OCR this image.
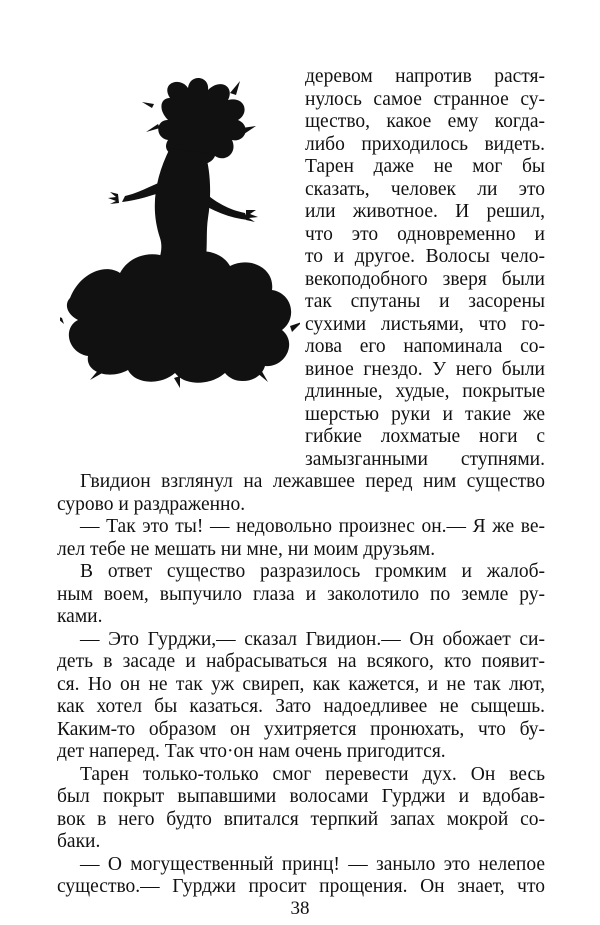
деревом напротив растя-
нулось самое странное су-
щество, какое ему когда-
либо приходилось видеть.
Тарен даже не мог бы
сказать, человек ли это
или животное. И решил,
что это одновременно и
то и другое. Волосы чело-
векоподобного зверя были
так спутаны и засорены
сухими листьями, что го-
лова его напоминала со-
виное гнездо. У него были
длинные, худые, покрытые
шерстью руки и такие же
гибкие лохматые ноги с
замызганными ступнями.
Гвидион взглянул на лежавшее перед ним существо
сурово и раздраженно.
— Так это ты! — недовольно произнес он.— Я же ве-
лел тебе не мешать ни мне, ни моим друзьям.
В ответ существо разразилось громким и жалоб-
ным воем, выпучило глаза и заколотило по земле ру-
ками.
— Это Гурджи,— сказал Гвидион.— Он обожает си-
деть в засаде и набрасываться на всякого, кто появит-
ся. Но он не так уж свиреп, как кажется, и не так лют,
как хотел бы казаться. Зато надоедливее не сыщешь.
Каким-то образом он ухитряется пронюхать, что бу-
дет наперед. Так что·он нам очень пригодится.
Тарен только-только смог перевести дух. Он весь
был покрыт выпавшими волосами Гурджи и вдобав-
вок в него будто впитался терпкий запах мокрой со-
баки.
— О могущественный принц! — заныло это нелепое
существо.— Гурджи просит прощения. Он знает, что
38
